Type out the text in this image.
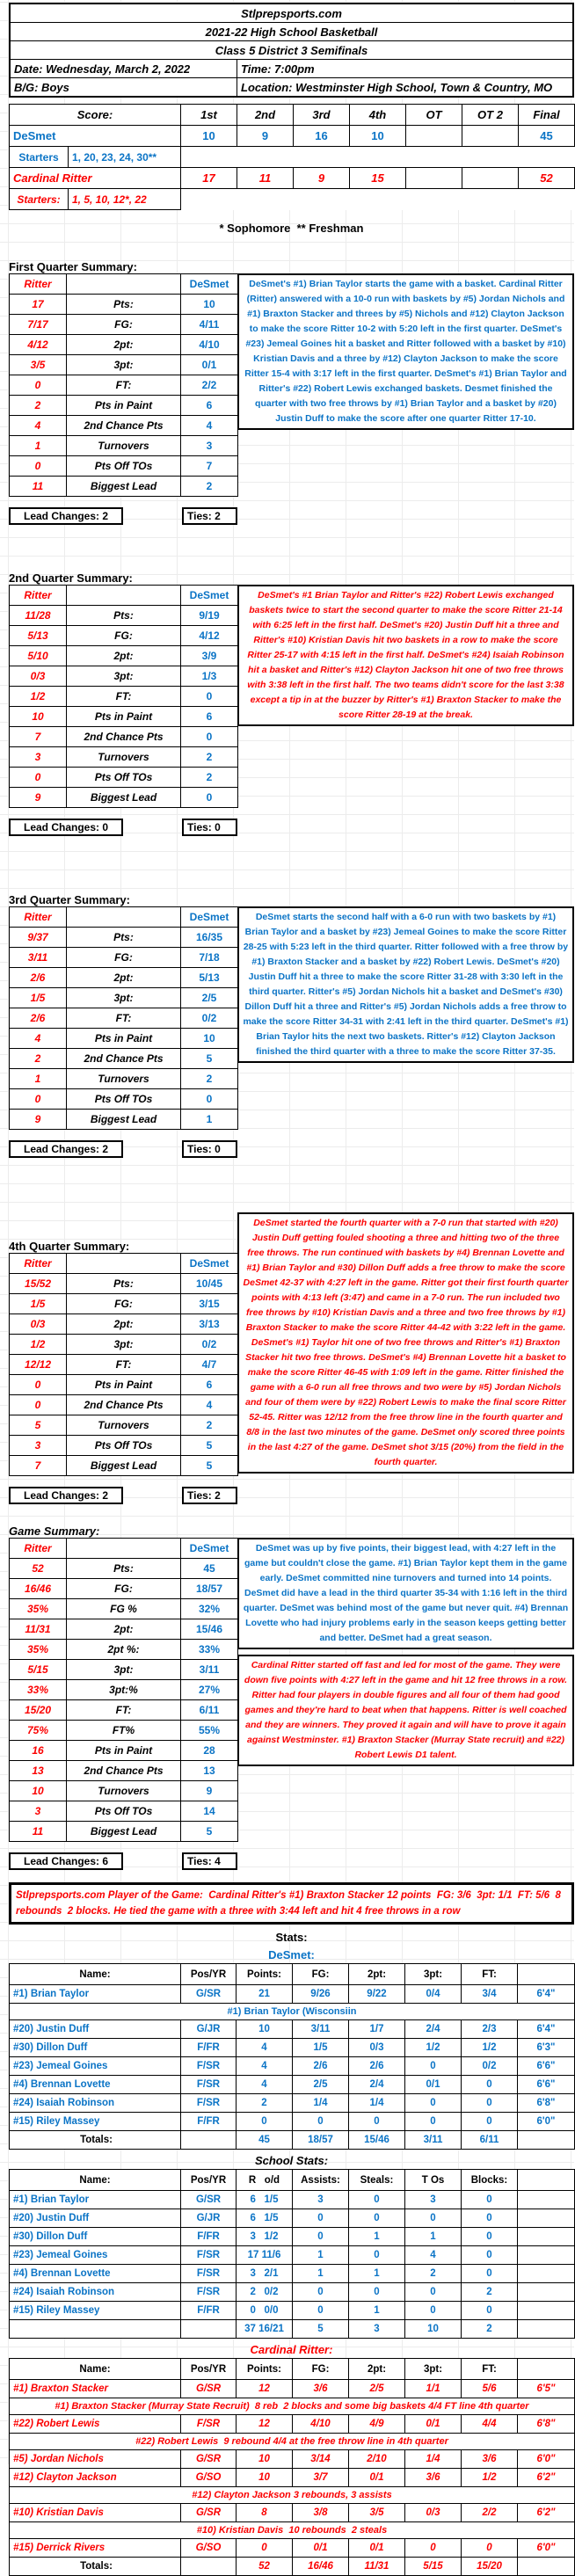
Stlprepsports.com
2021-22 High School Basketball
Class 5 District 3 Semifinals
Date: Wednesday, March 2, 2022	Time: 7:00pm
B/G: Boys	Location: Westminster High School, Town & Country, MO
Score:		1st	2nd	3rd	4th	OT	OT 2	Final
DeSmet		10	9	16	10			45
Starters	1, 20, 23, 24, 30**							
Cardinal Ritter		17	11	9	15			52
Starters:	1, 5, 10, 12*, 22							
* Sophomore  ** Freshman
First Quarter Summary:
Ritter		DeSmet
17	Pts:	10
7/17	FG:	4/11
4/12	2pt:	4/10
3/5	3pt:	0/1
0	FT:	2/2
2	Pts in Paint	6
4	2nd Chance Pts	4
1	Turnovers	3
0	Pts Off TOs	7
11	Biggest Lead	2
Lead Changes: 2	Ties: 2
DeSmet's #1) Brian Taylor starts the game with a basket. Cardinal Ritter (Ritter) answered with a 10-0 run with baskets by #5) Jordan Nichols and #1) Braxton Stacker and threes by #5) Nichols and #12) Clayton Jackson to make the score Ritter 10-2 with 5:20 left in the first quarter. DeSmet's #23) Jemeal Goines hit a basket and Ritter followed with a basket by #10) Kristian Davis and a three by #12) Clayton Jackson to make the score Ritter 15-4 with 3:17 left in the first quarter. DeSmet's #1) Brian Taylor and Ritter's #22) Robert Lewis exchanged baskets. Desmet finished the quarter with two free throws by #1) Brian Taylor and a basket by #20) Justin Duff to make the score after one quarter Ritter 17-10.
2nd Quarter Summary:
Ritter		DeSmet
11/28	Pts:	9/19
5/13	FG:	4/12
5/10	2pt:	3/9
0/3	3pt:	1/3
1/2	FT:	0
10	Pts in Paint	6
7	2nd Chance Pts	0
3	Turnovers	2
0	Pts Off TOs	2
9	Biggest Lead	0
Lead Changes: 0	Ties: 0
DeSmet's #1 Brian Taylor and Ritter's #22) Robert Lewis exchanged baskets twice to start the second quarter to make the score Ritter 21-14 with 6:25 left in the first half. DeSmet's #20) Justin Duff hit a three and Ritter's #10) Kristian Davis hit two baskets in a row to make the score Ritter 25-17 with 4:15 left in the first half. DeSmet's #24) Isaiah Robinson hit a basket and Ritter's #12) Clayton Jackson hit one of two free throws with 3:38 left in the first half. The two teams didn't score for the last 3:38 except a tip in at the buzzer by Ritter's #1) Braxton Stacker to make the score Ritter 28-19 at the break.
3rd Quarter Summary:
Ritter		DeSmet
9/37	Pts:	16/35
3/11	FG:	7/18
2/6	2pt:	5/13
1/5	3pt:	2/5
2/6	FT:	0/2
4	Pts in Paint	10
2	2nd Chance Pts	5
1	Turnovers	2
0	Pts Off TOs	0
9	Biggest Lead	1
Lead Changes: 2	Ties: 0
DeSmet starts the second half with a 6-0 run with two baskets by #1) Brian Taylor and a basket by #23) Jemeal Goines to make the score Ritter 28-25 with 5:23 left in the third quarter. Ritter followed with a free throw by #1) Braxton Stacker and a basket by #22) Robert Lewis. DeSmet's #20) Justin Duff hit a three to make the score Ritter 31-28 with 3:30 left in the third quarter. Ritter's #5) Jordan Nichols hit a basket and DeSmet's #30) Dillon Duff hit a three and Ritter's #5) Jordan Nichols adds a free throw to make the score Ritter 34-31 with 2:41 left in the third quarter. DeSmet's #1) Brian Taylor hits the next two baskets. Ritter's #12) Clayton Jackson finished the third quarter with a three to make the score Ritter 37-35.
4th Quarter Summary:
Ritter		DeSmet
15/52	Pts:	10/45
1/5	FG:	3/15
0/3	2pt:	3/13
1/2	3pt:	0/2
12/12	FT:	4/7
0	Pts in Paint	6
0	2nd Chance Pts	4
5	Turnovers	2
3	Pts Off TOs	5
7	Biggest Lead	5
Lead Changes: 2	Ties: 2
DeSmet started the fourth quarter with a 7-0 run that started with #20) Justin Duff getting fouled shooting a three and hitting two of the three free throws. The run continued with baskets by #4) Brennan Lovette and #1) Brian Taylor and #30) Dillon Duff adds a free throw to make the score DeSmet 42-37 with 4:27 left in the game. Ritter got their first fourth quarter points with 4:13 left (3:47) and came in a 7-0 run. The run included two free throws by #10) Kristian Davis and a three and two free throws by #1) Braxton Stacker to make the score Ritter 44-42 with 3:22 left in the game. DeSmet's #1) Taylor hit one of two free throws and Ritter's #1) Braxton Stacker hit two free throws. DeSmet's #4) Brennan Lovette hit a basket to make the score Ritter 46-45 with 1:09 left in the game. Ritter finished the game with a 6-0 run all free throws and two were by #5) Jordan Nichols and four of them were by #22) Robert Lewis to make the final score Ritter 52-45. Ritter was 12/12 from the free throw line in the fourth quarter and 8/8 in the last two minutes of the game. DeSmet only scored three points in the last 4:27 of the game. DeSmet shot 3/15 (20%) from the field in the fourth quarter.
Game Summary:
Ritter		DeSmet
52	Pts:	45
16/46	FG:	18/57
35%	FG %	32%
11/31	2pt:	15/46
35%	2pt %:	33%
5/15	3pt:	3/11
33%	3pt:%	27%
15/20	FT:	6/11
75%	FT%	55%
16	Pts in Paint	28
13	2nd Chance Pts	13
10	Turnovers	9
3	Pts Off TOs	14
11	Biggest Lead	5
Lead Changes: 6	Ties: 4
DeSmet was up by five points, their biggest lead, with 4:27 left in the game but couldn't close the game. #1) Brian Taylor kept them in the game early. DeSmet committed nine turnovers and turned into 14 points. DeSmet did have a lead in the third quarter 35-34 with 1:16 left in the third quarter. DeSmet was behind most of the game but never quit. #4) Brennan Lovette who had injury problems early in the season keeps getting better and better. DeSmet had a great season.
Cardinal Ritter started off fast and led for most of the game. They were down five points with 4:27 left in the game and hit 12 free throws in a row. Ritter had four players in double figures and all four of them had good games and they're hard to beat when that happens. Ritter is well coached and they are winners. They proved it again and will have to prove it again against Westminster. #1) Braxton Stacker (Murray State recruit) and #22) Robert Lewis D1 talent.
Stlprepsports.com Player of the Game:  Cardinal Ritter's #1) Braxton Stacker 12 points  FG: 3/6  3pt: 1/1  FT: 5/6  8 rebounds  2 blocks. He tied the game with a three with 3:44 left and hit 4 free throws in a row
Stats:
DeSmet:
Name:	Pos/YR	Points:	FG:	2pt:	3pt:	FT:	
#1) Brian Taylor	G/SR	21	9/26	9/22	0/4	3/4	6'4"
#1) Brian Taylor (Wisconsiin							
#20) Justin Duff	G/JR	10	3/11	1/7	2/4	2/3	6'4"
#30) Dillon Duff	F/FR	4	1/5	0/3	1/2	1/2	6'3"
#23) Jemeal Goines	F/SR	4	2/6	2/6	0	0/2	6'6"
#4) Brennan Lovette	F/SR	4	2/5	2/4	0/1	0	6'6"
#24) Isaiah Robinson	F/SR	2	1/4	1/4	0	0	6'8"
#15) Riley Massey	F/FR	0	0	0	0	0	6'0"
Totals:		45	18/57	15/46	3/11	6/11	
School Stats:
Name:	Pos/YR	R   o/d	Assists:	Steals:	T Os	Blocks:	
#1) Brian Taylor	G/SR	6   1/5	3	0	3	0	
#20) Justin Duff	G/JR	6   1/5	0	0	0	0	
#30) Dillon Duff	F/FR	3   1/2	0	1	1	0	
#23) Jemeal Goines	F/SR	17 11/6	1	0	4	0	
#4) Brennan Lovette	F/SR	3   2/1	1	1	2	0	
#24) Isaiah Robinson	F/SR	2   0/2	0	0	0	2	
#15) Riley Massey	F/FR	0   0/0	0	1	0	0	
		37 16/21	5	3	10	2	
Cardinal Ritter:
Name:	Pos/YR	Points:	FG:	2pt:	3pt:	FT:	
#1) Braxton Stacker	G/SR	12	3/6	2/5	1/1	5/6	6'5"
#1) Braxton Stacker (Murray State Recruit)  8 reb  2 blocks and some big baskets 4/4 FT line 4th quarter							
#22) Robert Lewis	F/SR	12	4/10	4/9	0/1	4/4	6'8"
#22) Robert Lewis  9 rebound 4/4 at the free throw line in 4th quarter							
#5) Jordan Nichols	G/SR	10	3/14	2/10	1/4	3/6	6'0"
#12) Clayton Jackson	G/SO	10	3/7	0/1	3/6	1/2	6'2"
#12) Clayton Jackson 3 rebounds, 3 assists							
#10) Kristian Davis	G/SR	8	3/8	3/5	0/3	2/2	6'2"
#10) Kristian Davis  10 rebounds  2 steals							
#15) Derrick Rivers	G/SO	0	0/1	0/1	0	0	6'0"
Totals:		52	16/46	11/31	5/15	15/20	
